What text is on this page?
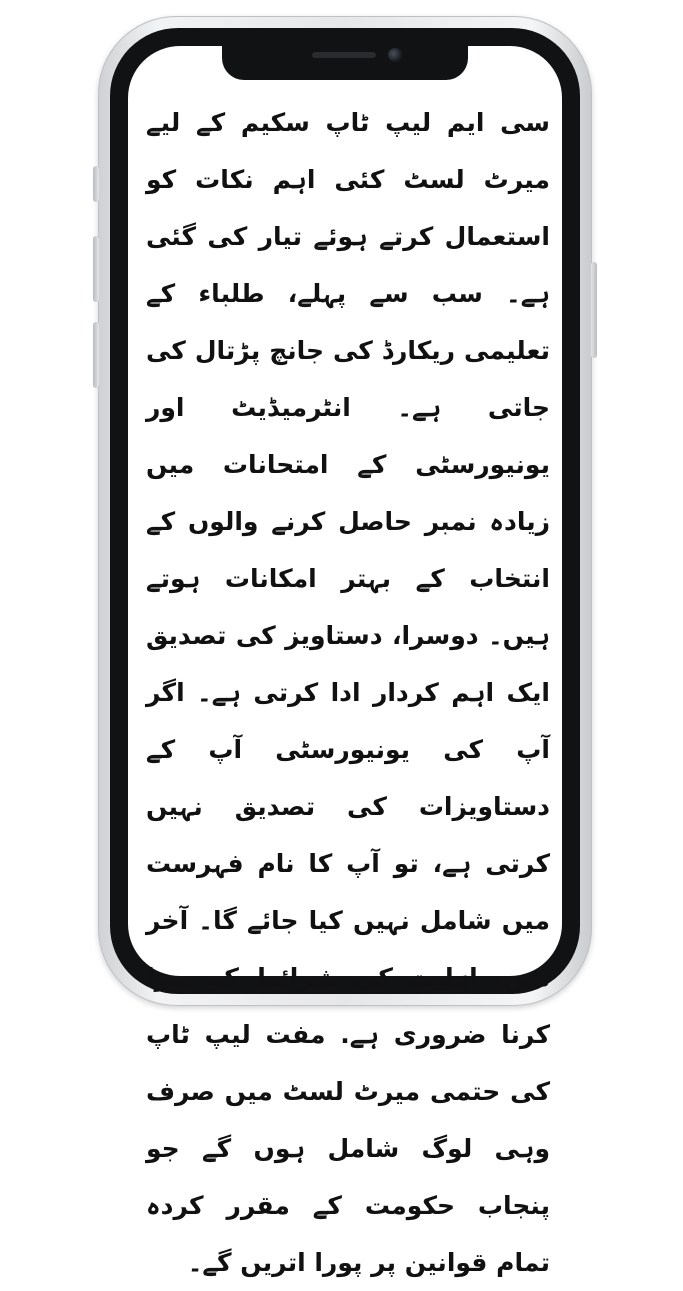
سی ایم لیپ ٹاپ سکیم کے لیے میرٹ لسٹ کئی اہم نکات کو استعمال کرتے ہوئے تیار کی گئی ہے۔ سب سے پہلے، طلباء کے تعلیمی ریکارڈ کی جانچ پڑتال کی جاتی ہے۔ انٹرمیڈیٹ اور یونیورسٹی کے امتحانات میں زیادہ نمبر حاصل کرنے والوں کے انتخاب کے بہتر امکانات ہوتے ہیں۔ دوسرا، دستاویز کی تصدیق ایک اہم کردار ادا کرتی ہے۔ اگر آپ کی یونیورسٹی آپ کے دستاویزات کی تصدیق نہیں کرتی ہے، تو آپ کا نام فہرست میں شامل نہیں کیا جائے گا۔ آخر میں، اہلیت کی شرائط کو پورا کرنا ضروری ہے. مفت لیپ ٹاپ کی حتمی میرٹ لسٹ میں صرف وہی لوگ شامل ہوں گے جو پنجاب حکومت کے مقرر کردہ تمام قوانین پر پورا اتریں گے۔
